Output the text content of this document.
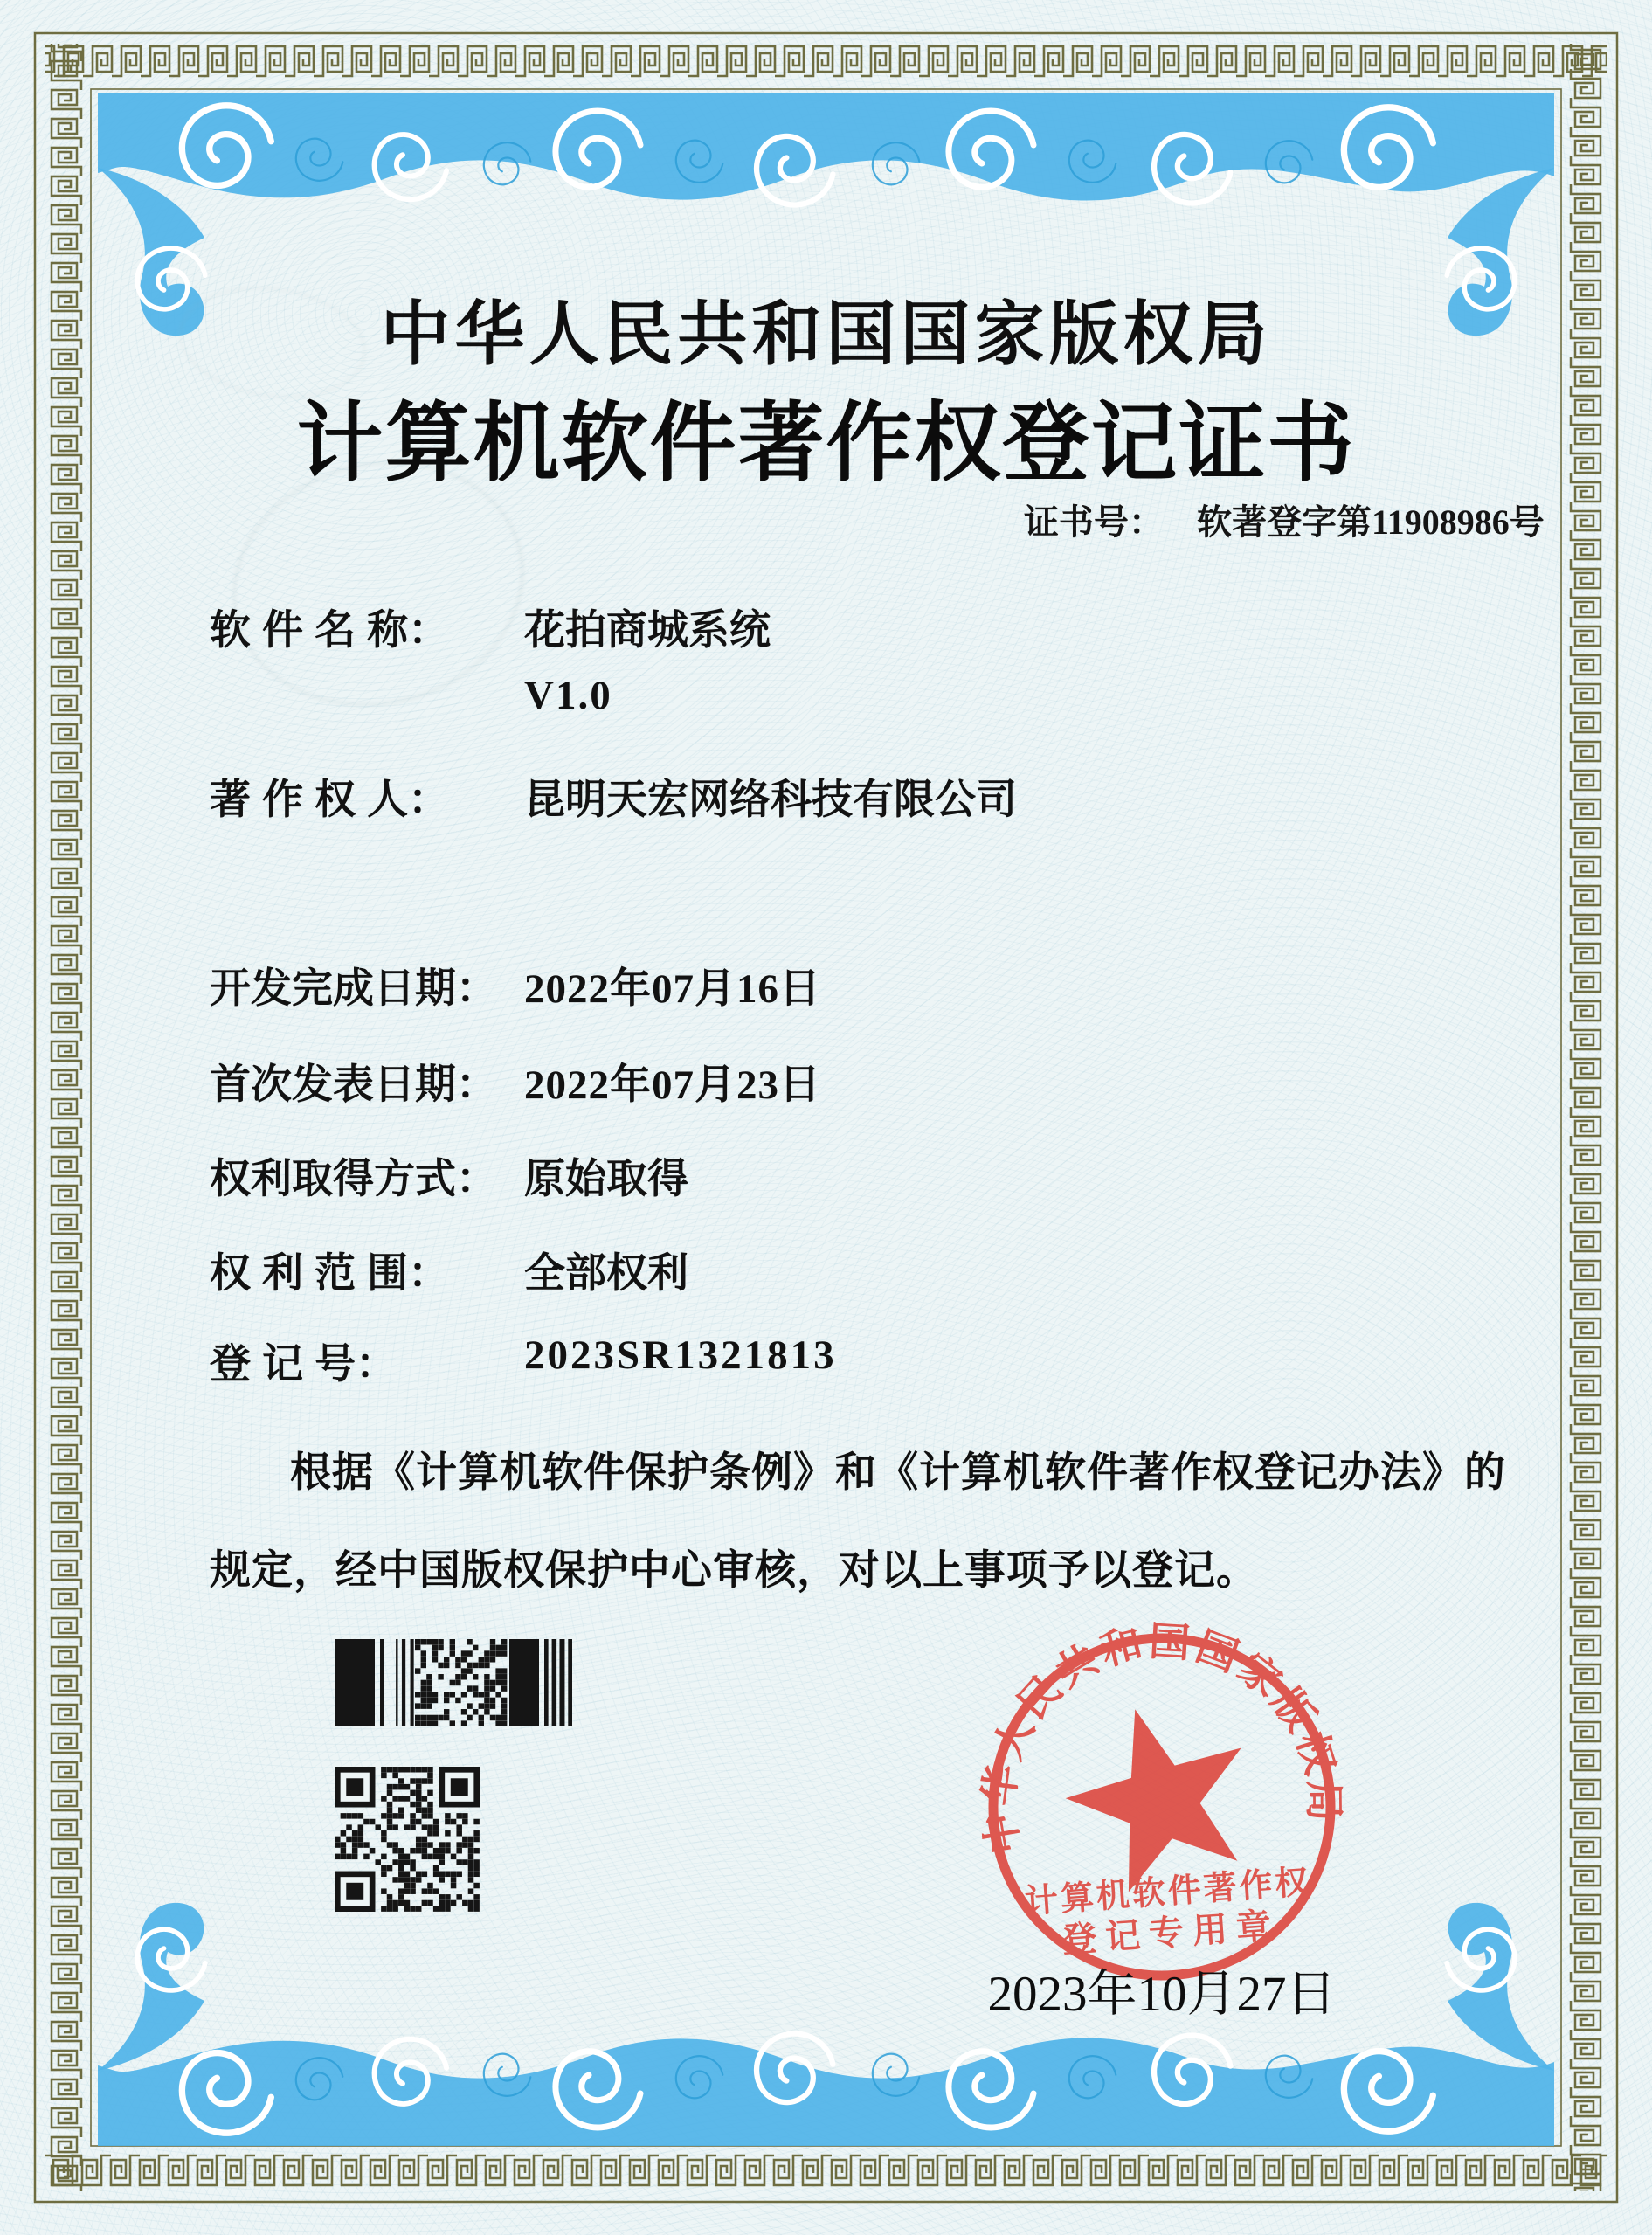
中华人民共和国国家版权局
计算机软件著作权登记证书
证书号： 软著登字第11908986号
软 件 名 称： 花拍商城系统
V1.0
著 作 权 人： 昆明天宏网络科技有限公司
开发完成日期： 2022年07月16日
首次发表日期： 2022年07月23日
权利取得方式： 原始取得
权 利 范 围： 全部权利
登 记 号：	2023SR1321813
根据《计算机软件保护条例》和《计算机软件著作权登记办法》的
规定，经中国版权保护中心审核，对以上事项予以登记。
中华人民共和国国家版权局
计算机软件著作权
登记专用章
2023年10月27日
